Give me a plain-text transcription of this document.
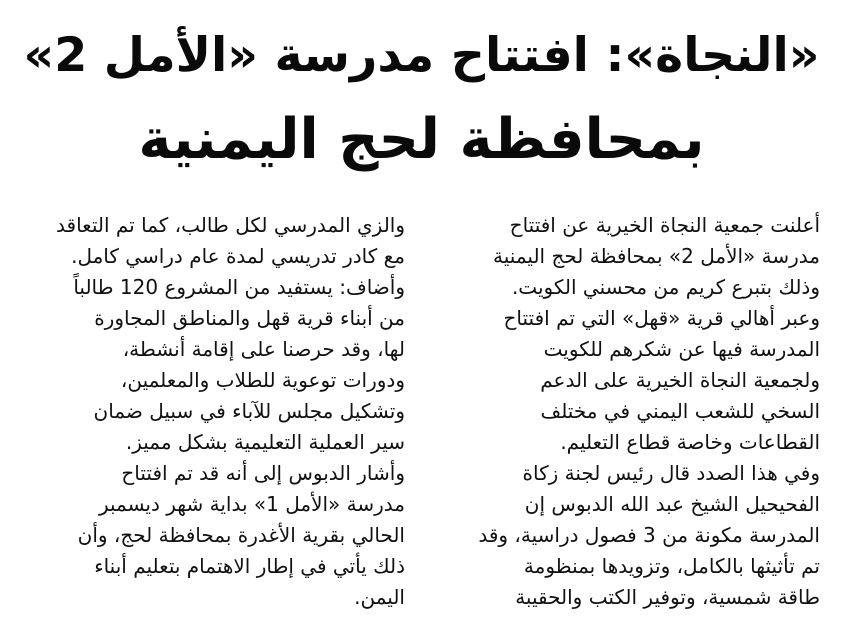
«النجاة»: افتتاح مدرسة «الأمل 2»
بمحافظة لحج اليمنية
أعلنت جمعية النجاة الخيرية عن افتتاح
مدرسة «الأمل 2» بمحافظة لحج اليمنية
وذلك بتبرع كريم من محسني الكويت.
وعبر أهالي قرية «قهل» التي تم افتتاح
المدرسة فيها عن شكرهم للكويت
ولجمعية النجاة الخيرية على الدعم
السخي للشعب اليمني في مختلف
القطاعات وخاصة قطاع التعليم.
وفي هذا الصدد قال رئيس لجنة زكاة
الفحيحيل الشيخ عبد الله الدبوس إن
المدرسة مكونة من 3 فصول دراسية، وقد
تم تأثيثها بالكامل، وتزويدها بمنظومة
طاقة شمسية، وتوفير الكتب والحقيبة
والزي المدرسي لكل طالب، كما تم التعاقد
مع كادر تدريسي لمدة عام دراسي كامل.
وأضاف: يستفيد من المشروع 120 طالباً
من أبناء قرية قهل والمناطق المجاورة
لها، وقد حرصنا على إقامة أنشطة،
ودورات توعوية للطلاب والمعلمين،
وتشكيل مجلس للآباء في سبيل ضمان
سير العملية التعليمية بشكل مميز.
وأشار الدبوس إلى أنه قد تم افتتاح
مدرسة «الأمل 1» بداية شهر ديسمبر
الحالي بقرية الأغدرة بمحافظة لحج، وأن
ذلك يأتي في إطار الاهتمام بتعليم أبناء
اليمن.
